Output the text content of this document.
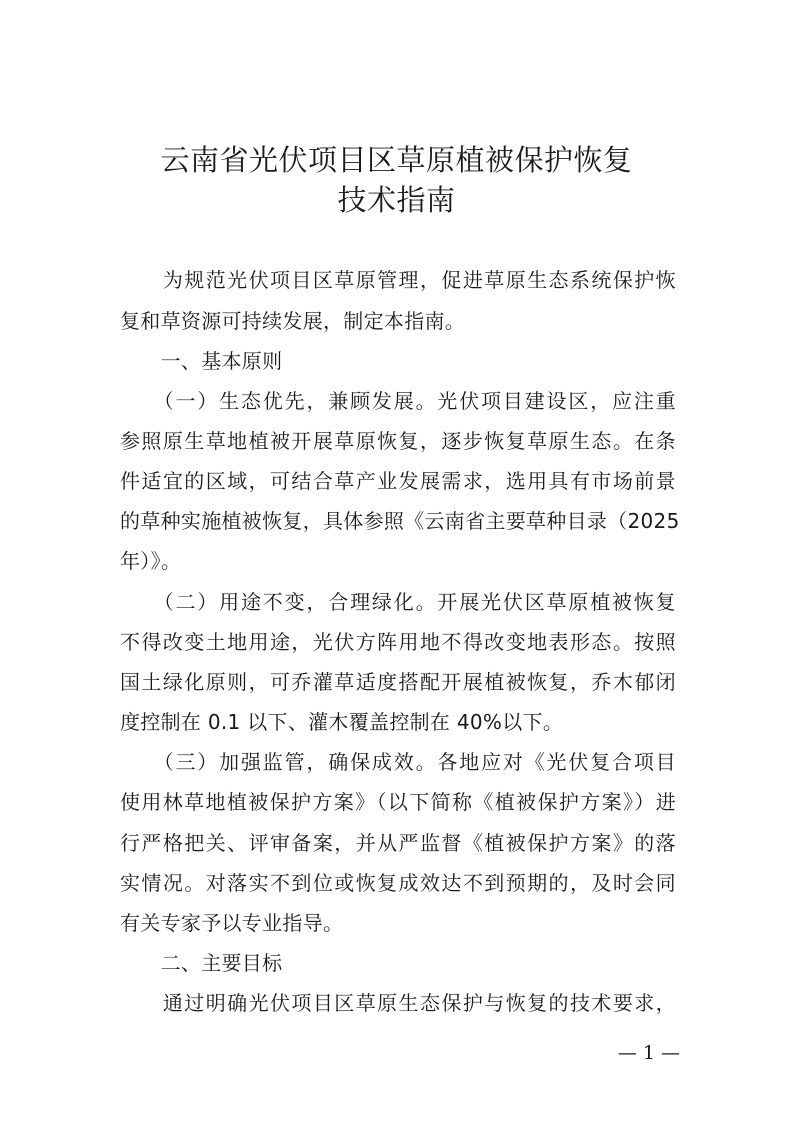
云南省光伏项目区草原植被保护恢复
技术指南
　　为规范光伏项目区草原管理，促进草原生态系统保护恢
复和草资源可持续发展，制定本指南。
　　一、基本原则
　　（一）生态优先，兼顾发展。光伏项目建设区，应注重
参照原生草地植被开展草原恢复，逐步恢复草原生态。在条
件适宜的区域，可结合草产业发展需求，选用具有市场前景
的草种实施植被恢复，具体参照《云南省主要草种目录（2025
年）》。
　　（二）用途不变，合理绿化。开展光伏区草原植被恢复
不得改变土地用途，光伏方阵用地不得改变地表形态。按照
国土绿化原则，可乔灌草适度搭配开展植被恢复，乔木郁闭
度控制在 0.1 以下、灌木覆盖控制在 40%以下。
　　（三）加强监管，确保成效。各地应对《光伏复合项目
使用林草地植被保护方案》（以下简称《植被保护方案》）进
行严格把关、评审备案，并从严监督《植被保护方案》的落
实情况。对落实不到位或恢复成效达不到预期的，及时会同
有关专家予以专业指导。
　　二、主要目标
　　通过明确光伏项目区草原生态保护与恢复的技术要求，
— 1 —
